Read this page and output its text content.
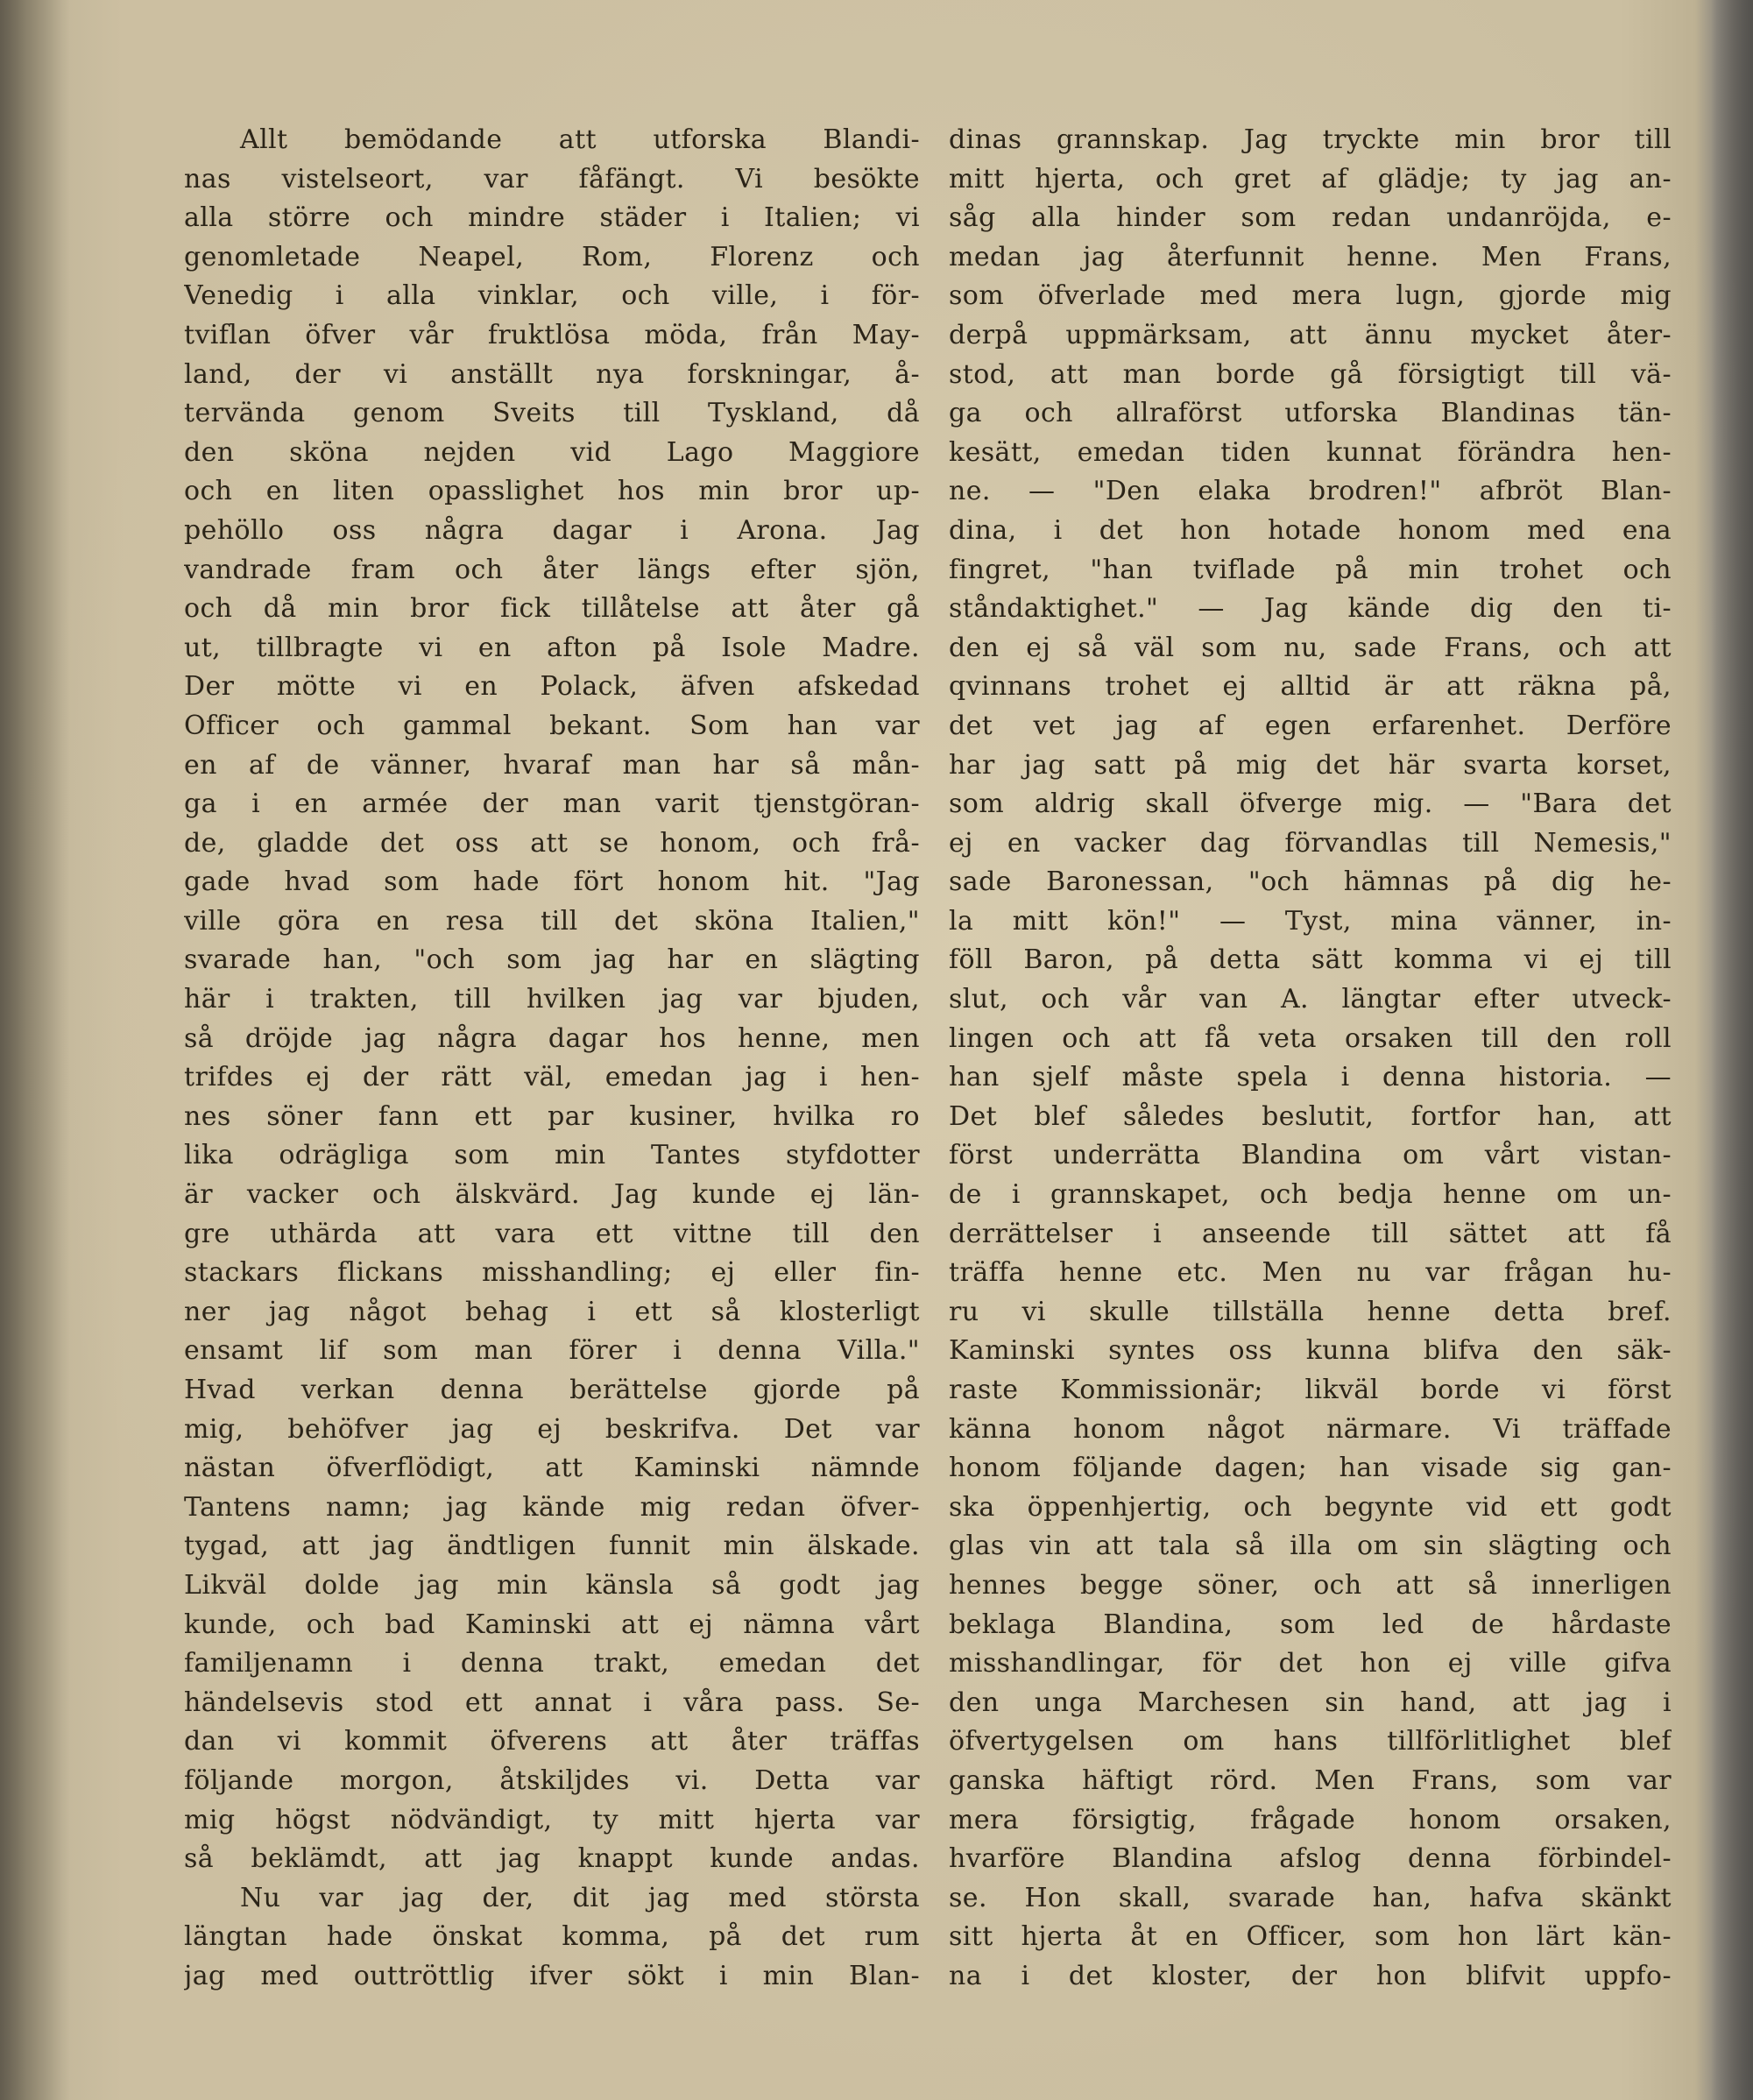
Allt bemödande att utforska Blandi-
nas vistelseort, var fåfängt. Vi besökte
alla större och mindre städer i Italien; vi
genomletade Neapel, Rom, Florenz och
Venedig i alla vinklar, och ville, i för-
tviflan öfver vår fruktlösa möda, från May-
land, der vi anställt nya forskningar, å-
tervända genom Sveits till Tyskland, då
den sköna nejden vid Lago Maggiore
och en liten opasslighet hos min bror up-
pehöllo oss några dagar i Arona. Jag
vandrade fram och åter längs efter sjön,
och då min bror fick tillåtelse att åter gå
ut, tillbragte vi en afton på Isole Madre.
Der mötte vi en Polack, äfven afskedad
Officer och gammal bekant. Som han var
en af de vänner, hvaraf man har så mån-
ga i en armée der man varit tjenstgöran-
de, gladde det oss att se honom, och frå-
gade hvad som hade fört honom hit. "Jag
ville göra en resa till det sköna Italien,"
svarade han, "och som jag har en slägting
här i trakten, till hvilken jag var bjuden,
så dröjde jag några dagar hos henne, men
trifdes ej der rätt väl, emedan jag i hen-
nes söner fann ett par kusiner, hvilka ro
lika odrägliga som min Tantes styfdotter
är vacker och älskvärd. Jag kunde ej län-
gre uthärda att vara ett vittne till den
stackars flickans misshandling; ej eller fin-
ner jag något behag i ett så klosterligt
ensamt lif som man förer i denna Villa."
Hvad verkan denna berättelse gjorde på
mig, behöfver jag ej beskrifva. Det var
nästan öfverflödigt, att Kaminski nämnde
Tantens namn; jag kände mig redan öfver-
tygad, att jag ändtligen funnit min älskade.
Likväl dolde jag min känsla så godt jag
kunde, och bad Kaminski att ej nämna vårt
familjenamn i denna trakt, emedan det
händelsevis stod ett annat i våra pass. Se-
dan vi kommit öfverens att åter träffas
följande morgon, åtskiljdes vi. Detta var
mig högst nödvändigt, ty mitt hjerta var
så beklämdt, att jag knappt kunde andas.
Nu var jag der, dit jag med största
längtan hade önskat komma, på det rum
jag med outtröttlig ifver sökt i min Blan-
dinas grannskap. Jag tryckte min bror till
mitt hjerta, och gret af glädje; ty jag an-
såg alla hinder som redan undanröjda, e-
medan jag återfunnit henne. Men Frans,
som öfverlade med mera lugn, gjorde mig
derpå uppmärksam, att ännu mycket åter-
stod, att man borde gå försigtigt till vä-
ga och allraförst utforska Blandinas tän-
kesätt, emedan tiden kunnat förändra hen-
ne. — "Den elaka brodren!" afbröt Blan-
dina, i det hon hotade honom med ena
fingret, "han tviflade på min trohet och
ståndaktighet." — Jag kände dig den ti-
den ej så väl som nu, sade Frans, och att
qvinnans trohet ej alltid är att räkna på,
det vet jag af egen erfarenhet. Derföre
har jag satt på mig det här svarta korset,
som aldrig skall öfverge mig. — "Bara det
ej en vacker dag förvandlas till Nemesis,"
sade Baronessan, "och hämnas på dig he-
la mitt kön!" — Tyst, mina vänner, in-
föll Baron, på detta sätt komma vi ej till
slut, och vår van A. längtar efter utveck-
lingen och att få veta orsaken till den roll
han sjelf måste spela i denna historia. —
Det blef således beslutit, fortfor han, att
först underrätta Blandina om vårt vistan-
de i grannskapet, och bedja henne om un-
derrättelser i anseende till sättet att få
träffa henne etc. Men nu var frågan hu-
ru vi skulle tillställa henne detta bref.
Kaminski syntes oss kunna blifva den säk-
raste Kommissionär; likväl borde vi först
känna honom något närmare. Vi träffade
honom följande dagen; han visade sig gan-
ska öppenhjertig, och begynte vid ett godt
glas vin att tala så illa om sin slägting och
hennes begge söner, och att så innerligen
beklaga Blandina, som led de hårdaste
misshandlingar, för det hon ej ville gifva
den unga Marchesen sin hand, att jag i
öfvertygelsen om hans tillförlitlighet blef
ganska häftigt rörd. Men Frans, som var
mera försigtig, frågade honom orsaken,
hvarföre Blandina afslog denna förbindel-
se. Hon skall, svarade han, hafva skänkt
sitt hjerta åt en Officer, som hon lärt kän-
na i det kloster, der hon blifvit uppfo-
